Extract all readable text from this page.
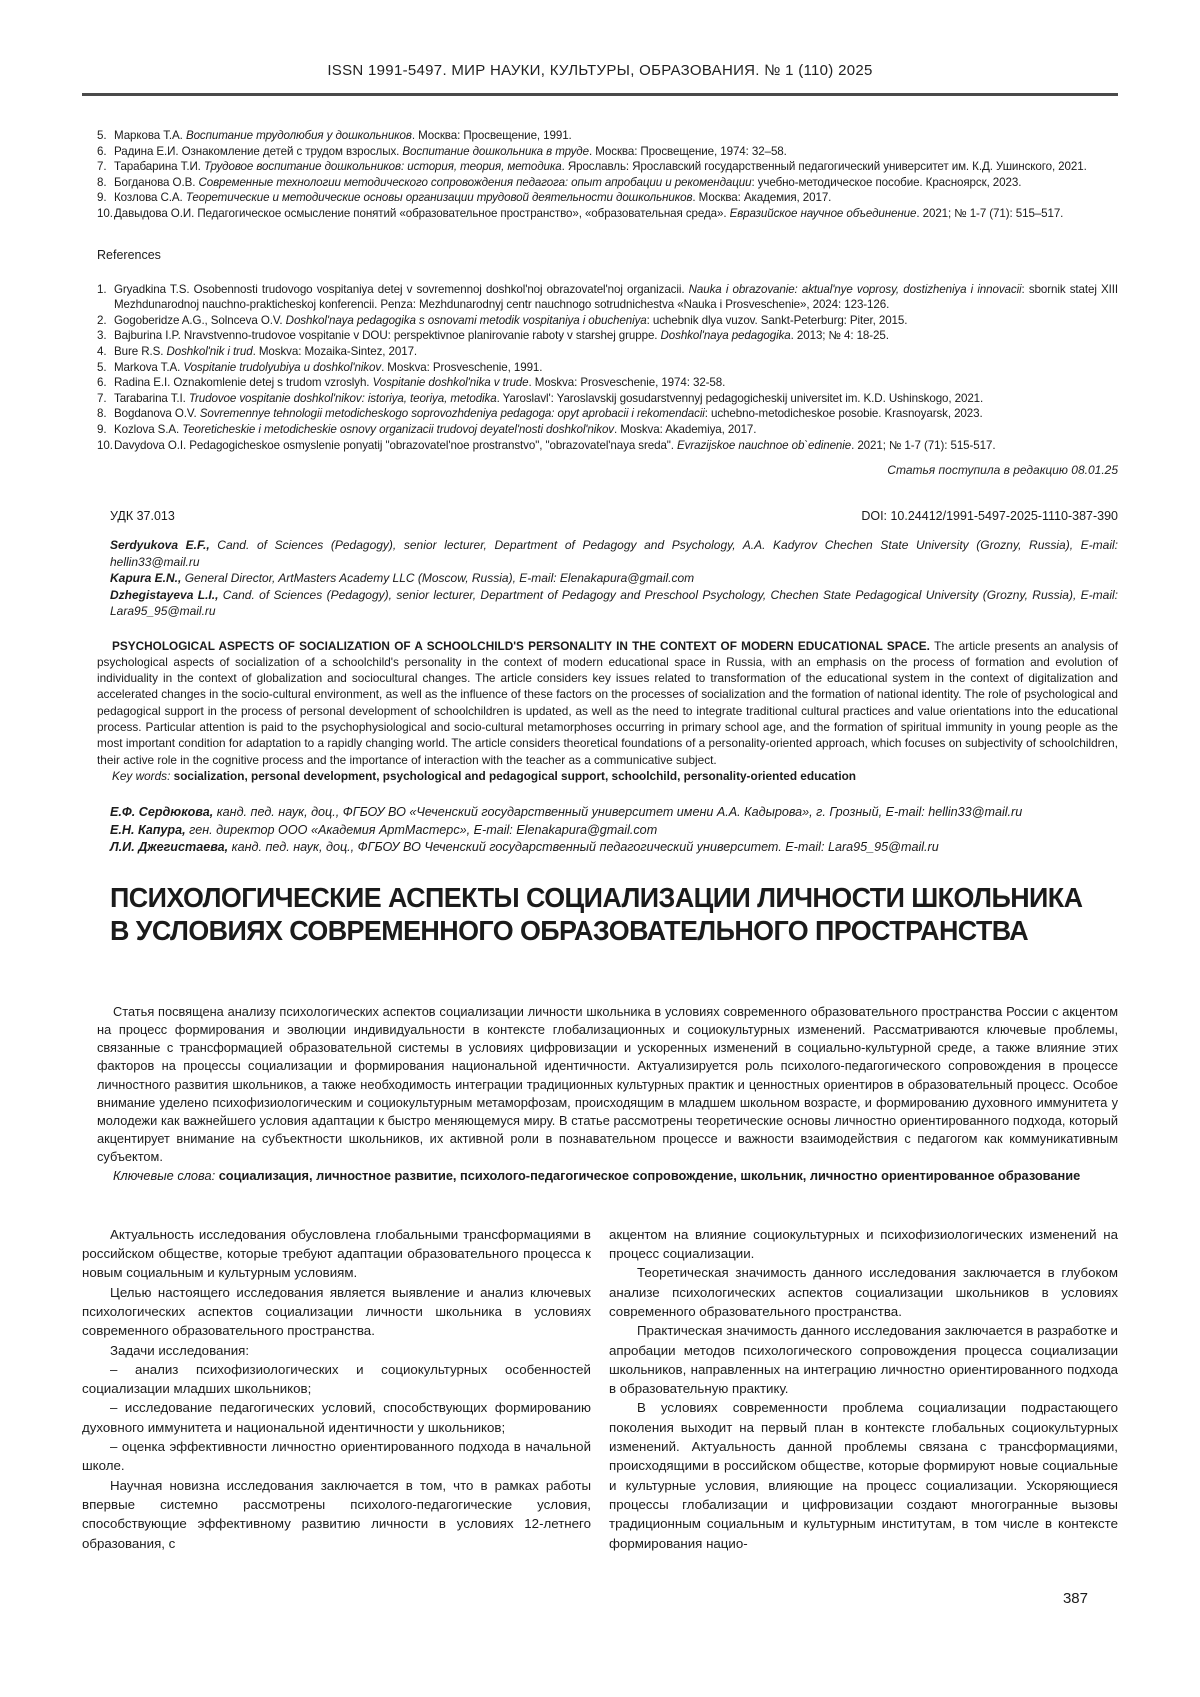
ISSN 1991-5497. МИР НАУКИ, КУЛЬТУРЫ, ОБРАЗОВАНИЯ. № 1 (110) 2025
5. Маркова Т.А. Воспитание трудолюбия у дошкольников. Москва: Просвещение, 1991.
6. Радина Е.И. Ознакомление детей с трудом взрослых. Воспитание дошкольника в труде. Москва: Просвещение, 1974: 32–58.
7. Тарабарина Т.И. Трудовое воспитание дошкольников: история, теория, методика. Ярославль: Ярославский государственный педагогический университет им. К.Д. Ушинского, 2021.
8. Богданова О.В. Современные технологии методического сопровождения педагога: опыт апробации и рекомендации: учебно-методическое пособие. Красноярск, 2023.
9. Козлова С.А. Теоретические и методические основы организации трудовой деятельности дошкольников. Москва: Академия, 2017.
10. Давыдова О.И. Педагогическое осмысление понятий «образовательное пространство», «образовательная среда». Евразийское научное объединение. 2021; № 1-7 (71): 515–517.
References
1. Gryadkina T.S. Osobennosti trudovogo vospitaniya detej v sovremennoj doshkol'noj obrazovatel'noj organizacii. Nauka i obrazovanie: aktual'nye voprosy, dostizheniya i innovacii: sbornik statej XIII Mezhdunarodnoj nauchno-prakticheskoj konferencii. Penza: Mezhdunarodnyj centr nauchnogo sotrudnichestva «Nauka i Prosveschenie», 2024: 123-126.
2. Gogoberidze A.G., Solnceva O.V. Doshkol'naya pedagogika s osnovami metodik vospitaniya i obucheniya: uchebnik dlya vuzov. Sankt-Peterburg: Piter, 2015.
3. Bajburina I.P. Nravstvenno-trudovoe vospitanie v DOU: perspektivnoe planirovanie raboty v starshej gruppe. Doshkol'naya pedagogika. 2013; № 4: 18-25.
4. Bure R.S. Doshkol'nik i trud. Moskva: Mozaika-Sintez, 2017.
5. Markova T.A. Vospitanie trudolyubiya u doshkol'nikov. Moskva: Prosveschenie, 1991.
6. Radina E.I. Oznakomlenie detej s trudom vzroslyh. Vospitanie doshkol'nika v trude. Moskva: Prosveschenie, 1974: 32-58.
7. Tarabarina T.I. Trudovoe vospitanie doshkol'nikov: istoriya, teoriya, metodika. Yaroslavl': Yaroslavskij gosudarstvennyj pedagogicheskij universitet im. K.D. Ushinskogo, 2021.
8. Bogdanova O.V. Sovremennye tehnologii metodicheskogo soprovozhdeniya pedagoga: opyt aprobacii i rekomendacii: uchebno-metodicheskoe posobie. Krasnoyarsk, 2023.
9. Kozlova S.A. Teoreticheskie i metodicheskie osnovy organizacii trudovoj deyatel'nosti doshkol'nikov. Moskva: Akademiya, 2017.
10. Davydova O.I. Pedagogicheskoe osmyslenie ponyatij "obrazovatel'noe prostranstvo", "obrazovatel'naya sreda". Evrazijskoe nauchnoe ob`edinenie. 2021; № 1-7 (71): 515-517.
Статья поступила в редакцию 08.01.25
УДК 37.013	DOI: 10.24412/1991-5497-2025-1110-387-390

Serdyukova E.F., Cand. of Sciences (Pedagogy), senior lecturer, Department of Pedagogy and Psychology, A.A. Kadyrov Chechen State University (Grozny, Russia), E-mail: hellin33@mail.ru

Kapura E.N., General Director, ArtMasters Academy LLC (Moscow, Russia), E-mail: Elenakapura@gmail.com

Dzhegistayeva L.I., Cand. of Sciences (Pedagogy), senior lecturer, Department of Pedagogy and Preschool Psychology, Chechen State Pedagogical University (Grozny, Russia), E-mail: Lara95_95@mail.ru

PSYCHOLOGICAL ASPECTS OF SOCIALIZATION OF A SCHOOLCHILD'S PERSONALITY IN THE CONTEXT OF MODERN EDUCATIONAL SPACE. The article presents an analysis of psychological aspects of socialization of a schoolchild's personality in the context of modern educational space in Russia, with an emphasis on the process of formation and evolution of individuality in the context of globalization and sociocultural changes. The article considers key issues related to transformation of the educational system in the context of digitalization and accelerated changes in the socio-cultural environment, as well as the influence of these factors on the processes of socialization and the formation of national identity. The role of psychological and pedagogical support in the process of personal development of schoolchildren is updated, as well as the need to integrate traditional cultural practices and value orientations into the educational process. Particular attention is paid to the psychophysiological and socio-cultural metamorphoses occurring in primary school age, and the formation of spiritual immunity in young people as the most important condition for adaptation to a rapidly changing world. The article considers theoretical foundations of a personality-oriented approach, which focuses on subjectivity of schoolchildren, their active role in the cognitive process and the importance of interaction with the teacher as a communicative subject.

Key words: socialization, personal development, psychological and pedagogical support, schoolchild, personality-oriented education

Е.Ф. Сердюкова, канд. пед. наук, доц., ФГБОУ ВО «Чеченский государственный университет имени А.А. Кадырова», г. Грозный, E-mail: hellin33@mail.ru

Е.Н. Капура, ген. директор ООО «Академия АртМастерс», E-mail: Elenakapura@gmail.com

Л.И. Джегистаева, канд. пед. наук, доц., ФГБОУ ВО Чеченский государственный педагогический университет. E-mail: Lara95_95@mail.ru

ПСИХОЛОГИЧЕСКИЕ АСПЕКТЫ СОЦИАЛИЗАЦИИ ЛИЧНОСТИ ШКОЛЬНИКА
В УСЛОВИЯХ СОВРЕМЕННОГО ОБРАЗОВАТЕЛЬНОГО ПРОСТРАНСТВА

Статья посвящена анализу психологических аспектов социализации личности школьника в условиях современного образовательного пространства России с акцентом на процесс формирования и эволюции индивидуальности в контексте глобализационных и социокультурных изменений. Рассматриваются ключевые проблемы, связанные с трансформацией образовательной системы в условиях цифровизации и ускоренных изменений в социально-культурной среде, а также влияние этих факторов на процессы социализации и формирования национальной идентичности. Актуализируется роль психолого-педагогического сопровождения в процессе личностного развития школьников, а также необходимость интеграции традиционных культурных практик и ценностных ориентиров в образовательный процесс. Особое внимание уделено психофизиологическим и социокультурным метаморфозам, происходящим в младшем школьном возрасте, и формированию духовного иммунитета у молодежи как важнейшего условия адаптации к быстро меняющемуся миру. В статье рассмотрены теоретические основы личностно ориентированного подхода, который акцентирует внимание на субъектности школьников, их активной роли в познавательном процессе и важности взаимодействия с педагогом как коммуникативным субъектом.

Ключевые слова: социализация, личностное развитие, психолого-педагогическое сопровождение, школьник, личностно ориентированное образование

Актуальность исследования обусловлена глобальными трансформациями в российском обществе, которые требуют адаптации образовательного процесса к новым социальным и культурным условиям.

Целью настоящего исследования является выявление и анализ ключевых психологических аспектов социализации личности школьника в условиях современного образовательного пространства.

Задачи исследования:

– анализ психофизиологических и социокультурных особенностей социализации младших школьников;

– исследование педагогических условий, способствующих формированию духовного иммунитета и национальной идентичности у школьников;

– оценка эффективности личностно ориентированного подхода в начальной школе.

Научная новизна исследования заключается в том, что в рамках работы впервые системно рассмотрены психолого-педагогические условия, способствующие эффективному развитию личности в условиях 12-летнего образования, с

акцентом на влияние социокультурных и психофизиологических изменений на процесс социализации.

Теоретическая значимость данного исследования заключается в глубоком анализе психологических аспектов социализации школьников в условиях современного образовательного пространства.

Практическая значимость данного исследования заключается в разработке и апробации методов психологического сопровождения процесса социализации школьников, направленных на интеграцию личностно ориентированного подхода в образовательную практику.

В условиях современности проблема социализации подрастающего поколения выходит на первый план в контексте глобальных социокультурных изменений. Актуальность данной проблемы связана с трансформациями, происходящими в российском обществе, которые формируют новые социальные и культурные условия, влияющие на процесс социализации. Ускоряющиеся процессы глобализации и цифровизации создают многогранные вызовы традиционным социальным и культурным институтам, в том числе в контексте формирования нацио-

387
